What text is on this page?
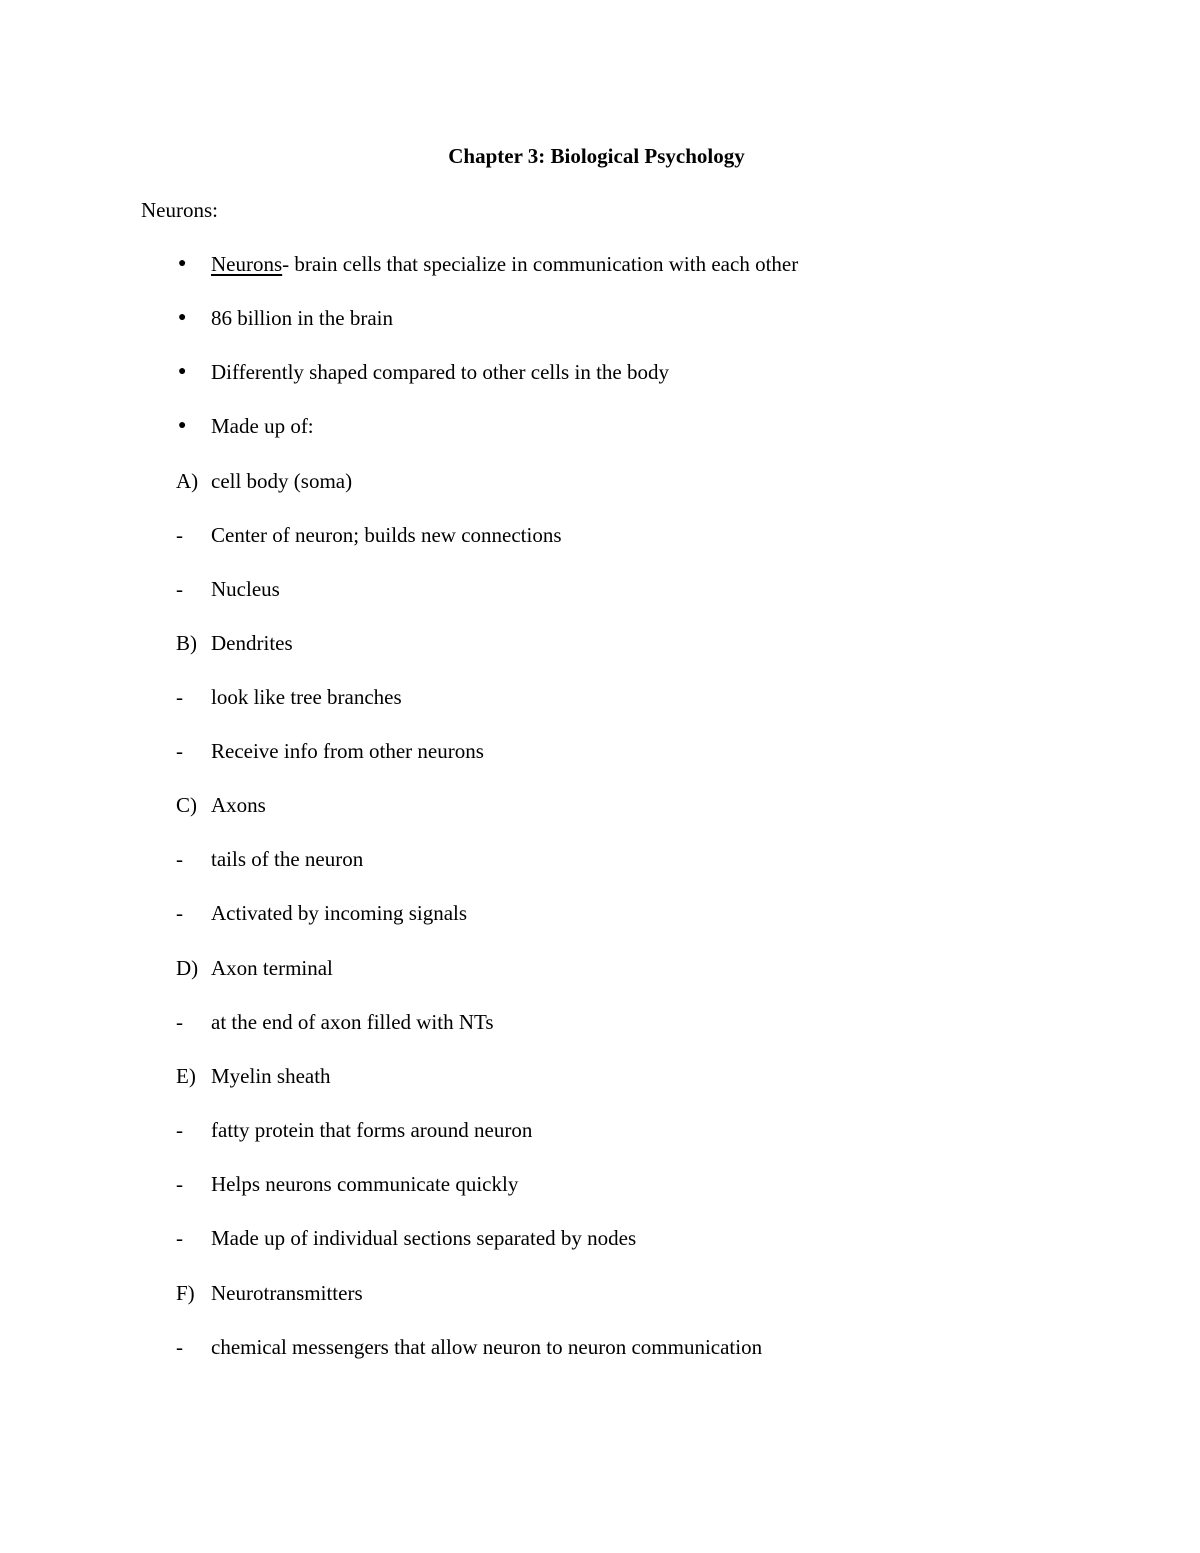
Chapter 3: Biological Psychology
Neurons:
●	Neurons- brain cells that specialize in communication with each other
●	86 billion in the brain
●	Differently shaped compared to other cells in the body
●	Made up of:
A) cell body (soma)
-	Center of neuron; builds new connections
-	Nucleus
B) Dendrites
-	look like tree branches
-	Receive info from other neurons
C) Axons
-	tails of the neuron
-	Activated by incoming signals
D) Axon terminal
-	at the end of axon filled with NTs
E) Myelin sheath
-	fatty protein that forms around neuron
-	Helps neurons communicate quickly
-	Made up of individual sections separated by nodes
F) Neurotransmitters
-	chemical messengers that allow neuron to neuron communication
